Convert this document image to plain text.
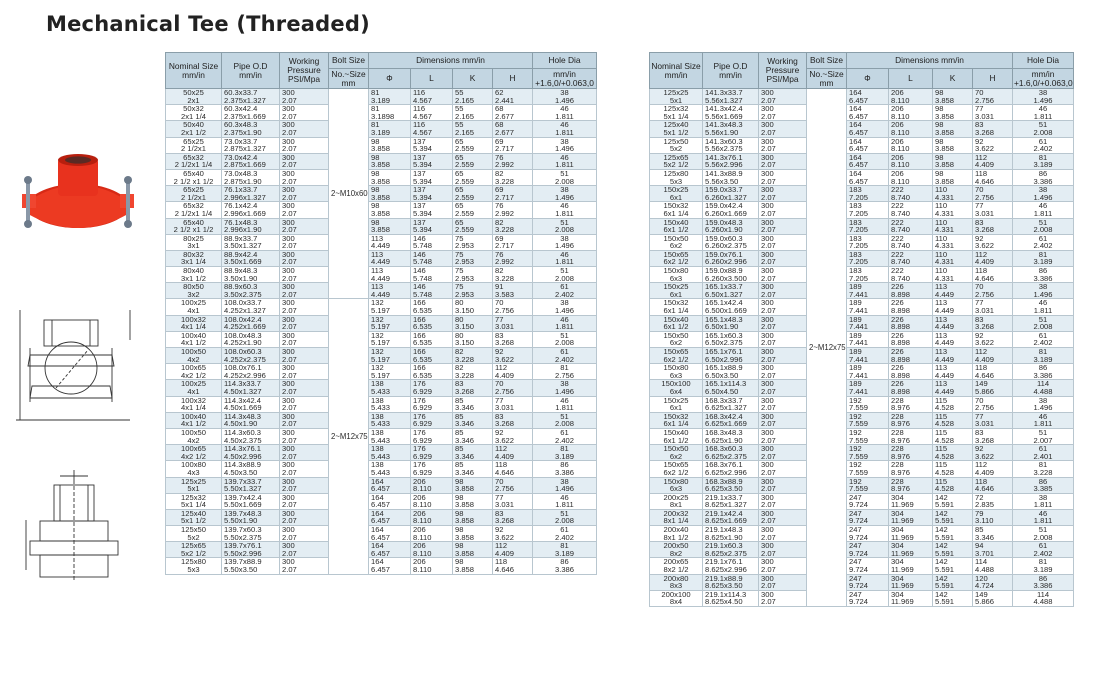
Mechanical Tee (Threaded)
Nominal Size mm/in	Pipe O.D mm/in	Working Pressure PSI/Mpa	Bolt Size	Dimensions mm/in				Hole Dia
			No.~Size mm	Φ	L	K	H	mm/in +1.6,0/+0.063,0
50x25	60.3x33.7	300	2~M10x60	81	116	55	62	38
2x1	2.375x1.327	2.07		3.189	4.567	2.165	2.441	1.496
50x32	60.3x42.4	300		81	116	55	68	46
2x1 1/4	2.375x1.669	2.07		3.1898	4.567	2.165	2.677	1.811
50x40	60.3x48.3	300		81	116	55	68	46
2x1 1/2	2.375x1.90	2.07		3.189	4.567	2.165	2.677	1.811
65x25	73.0x33.7	300		98	137	65	69	38
2 1/2x1	2.875x1.327	2.07		3.858	5.394	2.559	2.717	1.496
65x32	73.0x42.4	300		98	137	65	76	46
2 1/2x1 1/4	2.875x1.669	2.07		3.858	5.394	2.559	2.992	1.811
65x40	73.0x48.3	300		98	137	65	82	51
2 1/2 x1 1/2	2.875x1.90	2.07		3.858	5.394	2.559	3.228	2.008
65x25	76.1x33.7	300		98	137	65	69	38
2 1/2x1	2.996x1.327	2.07		3.858	5.394	2.559	2.717	1.496
65x32	76.1x42.4	300		98	137	65	76	46
2 1/2x1 1/4	2.996x1.669	2.07		3.858	5.394	2.559	2.992	1.811
65x40	76.1x48.3	300		98	137	65	82	51
2 1/2 x1 1/2	2.996x1.90	2.07		3.858	5.394	2.559	3.228	2.008
80x25	88.9x33.7	300		113	146	75	69	38
3x1	3.50x1.327	2.07		4.449	5.748	2.953	2.717	1.496
80x32	88.9x42.4	300		113	146	75	76	46
3x1 1/4	3.50x1.669	2.07		4.449	5.748	2.953	2.992	1.811
80x40	88.9x48.3	300		113	146	75	82	51
3x1 1/2	3.50x1.90	2.07		4.449	5.748	2.953	3.228	2.008
80x50	88.9x60.3	300		113	146	75	91	61
3x2	3.50x2.375	2.07		4.449	5.748	2.953	3.583	2.402
100x25	108.0x33.7	300	2~M12x75	132	166	80	70	38
4x1	4.252x1.327	2.07		5.197	6.535	3.150	2.756	1.496
100x32	108.0x42.4	300		132	166	80	77	46
4x1 1/4	4.252x1.669	2.07		5.197	6.535	3.150	3.031	1.811
100x40	108.0x48.3	300		132	166	80	83	51
4x1 1/2	4.252x1.90	2.07		5.197	6.535	3.150	3.268	2.008
100x50	108.0x60.3	300		132	166	82	92	61
4x2	4.252x2.375	2.07		5.197	6.535	3.228	3.622	2.402
100x65	108.0x76.1	300		132	166	82	112	81
4x2 1/2	4.252x2.996	2.07		5.197	6.535	3.228	4.409	2.756
100x25	114.3x33.7	300		138	176	83	70	38
4x1	4.50x1.327	2.07		5.433	6.929	3.268	2.756	1.496
100x32	114.3x42.4	300		138	176	85	77	46
4x1 1/4	4.50x1.669	2.07		5.433	6.929	3.346	3.031	1.811
100x40	114.3x48.3	300		138	176	85	83	51
4x1 1/2	4.50x1.90	2.07		5.433	6.929	3.346	3.268	2.008
100x50	114.3x60.3	300		138	176	85	92	61
4x2	4.50x2.375	2.07		5.443	6.929	3.346	3.622	2.402
100x65	114.3x76.1	300		138	176	85	112	81
4x2 1/2	4.50x2.996	2.07		5.443	6.929	3.346	4.409	3.189
100x80	114.3x88.9	300		138	176	85	118	86
4x3	4.50x3.50	2.07		5.443	6.929	3.346	4.646	3.386
125x25	139.7x33.7	300		164	206	98	70	38
5x1	5.50x1.327	2.07		6.457	8.110	3.858	2.756	1.496
125x32	139.7x42.4	300		164	206	98	77	46
5x1 1/4	5.50x1.669	2.07		6.457	8.110	3.858	3.031	1.811
125x40	139.7x48.3	300		164	206	98	83	51
5x1 1/2	5.50x1.90	2.07		6.457	8.110	3.858	3.268	2.008
125x50	139.7x60.3	300		164	206	98	92	61
5x2	5.50x2.375	2.07		6.457	8.110	3.858	3.622	2.402
125x65	139.7x76.1	300		164	206	98	112	81
5x2 1/2	5.50x2.996	2.07		6.457	8.110	3.858	4.409	3.189
125x80	139.7x88.9	300		164	206	98	118	86
5x3	5.50x3.50	2.07		6.457	8.110	3.858	4.646	3.386
Nominal Size mm/in	Pipe O.D mm/in	Working Pressure PSI/Mpa	Bolt Size	Dimensions mm/in				Hole Dia
			No.~Size mm	Φ	L	K	H	mm/in +1.6,0/+0.063,0
125x25	141.3x33.7	300	2~M12x75	164	206	98	70	38
5x1	5.56x1.327	2.07		6.457	8.110	3.858	2.756	1.496
125x32	141.3x42.4	300		164	206	98	77	46
5x1 1/4	5.56x1.669	2.07		6.457	8.110	3.858	3.031	1.811
125x40	141.3x48.3	300		164	206	98	83	51
5x1 1/2	5.56x1.90	2.07		6.457	8.110	3.858	3.268	2.008
125x50	141.3x60.3	300		164	206	98	92	61
5x2	5.56x2.375	2.07		6.457	8.110	3.858	3.622	2.402
125x65	141.3x76.1	300		164	206	98	112	81
5x2 1/2	5.56x2.996	2.07		6.457	8.110	3.858	4.409	3.189
125x80	141.3x88.9	300		164	206	98	118	86
5x3	5.56x3.50	2.07		6.457	8.110	3.858	4.646	3.386
150x25	159.0x33.7	300		183	222	110	70	38
6x1	6.260x1.327	2.07		7.205	8.740	4.331	2.756	1.496
150x32	159.0x42.4	300		183	222	110	77	46
6x1 1/4	6.260x1.669	2.07		7.205	8.740	4.331	3.031	1.811
150x40	159.0x48.3	300		183	222	110	83	51
6x1 1/2	6.260x1.90	2.07		7.205	8.740	4.331	3.268	2.008
150x50	159.0x60.3	300		183	222	110	92	61
6x2	6.260x2.375	2.07		7.205	8.740	4.331	3.622	2.402
150x65	159.0x76.1	300		183	222	110	112	81
6x2 1/2	6.260x2.996	2.07		7.205	8.740	4.331	4.409	3.189
150x80	159.0x88.9	300		183	222	110	118	86
6x3	6.260x3.500	2.07		7.205	8.740	4.331	4.646	3.386
150x25	165.1x33.7	300		189	226	113	70	38
6x1	6.50x1.327	2.07		7.441	8.898	4.449	2.756	1.496
150x32	165.1x42.4	300		189	226	113	77	46
6x1 1/4	6.500x1.669	2.07		7.441	8.898	4.449	3.031	1.811
150x40	165.1x48.3	300		189	226	113	83	51
6x1 1/2	6.50x1.90	2.07		7.441	8.898	4.449	3.268	2.008
150x50	165.1x60.3	300		189	226	113	92	61
6x2	6.50x2.375	2.07		7.441	8.898	4.449	3.622	2.402
150x65	165.1x76.1	300		189	226	113	112	81
6x2 1/2	6.50x2.996	2.07		7.441	8.898	4.449	4.409	3.189
150x80	165.1x88.9	300		189	226	113	118	86
6x3	6.50x3.50	2.07		7.441	8.898	4.449	4.646	3.386
150x100	165.1x114.3	300		189	226	113	149	114
6x4	6.50x4.50	2.07		7.441	8.898	4.449	5.866	4.488
150x25	168.3x33.7	300		192	228	115	70	38
6x1	6.625x1.327	2.07		7.559	8.976	4.528	2.756	1.496
150x32	168.3x42.4	300		192	228	115	77	46
6x1 1/4	6.625x1.669	2.07		7.559	8.976	4.528	3.031	1.811
150x40	168.3x48.3	300		192	228	115	83	51
6x1 1/2	6.625x1.90	2.07		7.559	8.976	4.528	3.268	2.007
150x50	168.3x60.3	300		192	228	115	92	61
6x2	6.625x2.375	2.07		7.559	8.976	4.528	3.622	2.401
150x65	168.3x76.1	300		192	228	115	112	81
6x2 1/2	6.625x2.996	2.07		7.559	8.976	4.528	4.409	3.228
150x80	168.3x88.9	300		192	228	115	118	86
6x3	6.625x3.50	2.07		7.559	8.976	4.528	4.646	3.385
200x25	219.1x33.7	300		247	304	142	72	38
8x1	8.625x1.327	2.07		9.724	11.969	5.591	2.835	1.811
200x32	219.1x42.4	300		247	304	142	79	46
8x1 1/4	8.625x1.669	2.07		9.724	11.969	5.591	3.110	1.811
200x40	219.1x48.3	300		247	304	142	85	51
8x1 1/2	8.625x1.90	2.07		9.724	11.969	5.591	3.346	2.008
200x50	219.1x60.3	300		247	304	142	94	61
8x2	8.625x2.375	2.07		9.724	11.969	5.591	3.701	2.402
200x65	219.1x76.1	300		247	304	142	114	81
8x2 1/2	8.625x2.996	2.07		9.724	11.969	5.591	4.488	3.189
200x80	219.1x88.9	300		247	304	142	120	86
8x3	8.625x3.50	2.07		9.724	11.969	5.591	4.724	3.386
200x100	219.1x114.3	300		247	304	142	149	114
8x4	8.625x4.50	2.07		9.724	11.969	5.591	5.866	4.488
